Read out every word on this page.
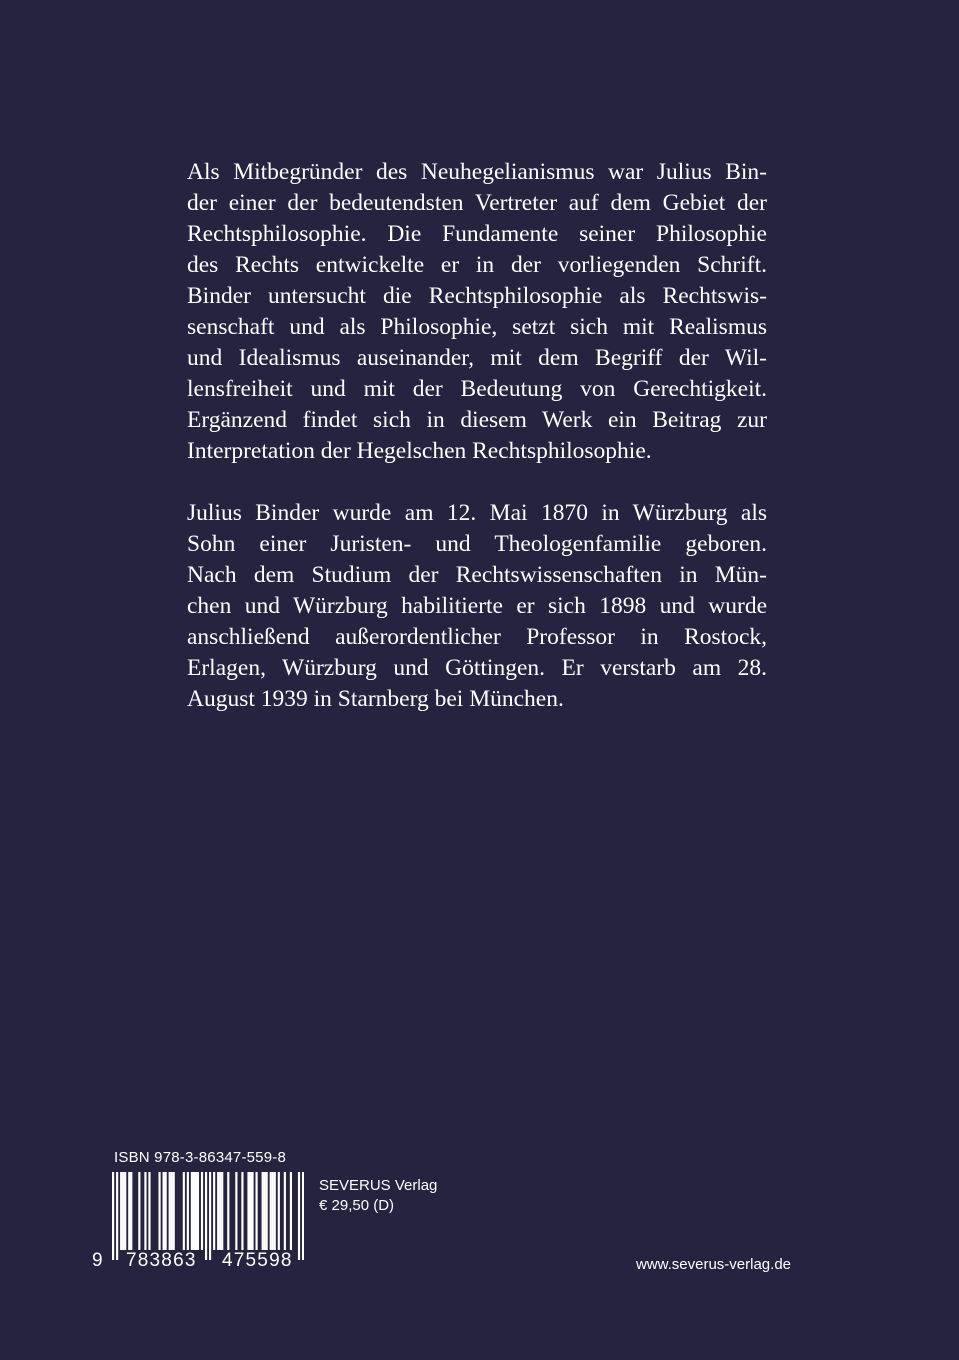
Als Mitbegründer des Neuhegelianismus war Julius Bin-
der einer der bedeutendsten Vertreter auf dem Gebiet der
Rechtsphilosophie. Die Fundamente seiner Philosophie
des Rechts entwickelte er in der vorliegenden Schrift.
Binder untersucht die Rechtsphilosophie als Rechtswis-
senschaft und als Philosophie, setzt sich mit Realismus
und Idealismus auseinander, mit dem Begriff der Wil-
lensfreiheit und mit der Bedeutung von Gerechtigkeit.
Ergänzend findet sich in diesem Werk ein Beitrag zur
Interpretation der Hegelschen Rechtsphilosophie.

Julius Binder wurde am 12. Mai 1870 in Würzburg als
Sohn einer Juristen- und Theologenfamilie geboren.
Nach dem Studium der Rechtswissenschaften in Mün-
chen und Würzburg habilitierte er sich 1898 und wurde
anschließend außerordentlicher Professor in Rostock,
Erlagen, Würzburg und Göttingen. Er verstarb am 28.
August 1939 in Starnberg bei München.

ISBN 978-3-86347-559-8
9 783863 475598
SEVERUS Verlag
€ 29,50 (D)
www.severus-verlag.de
